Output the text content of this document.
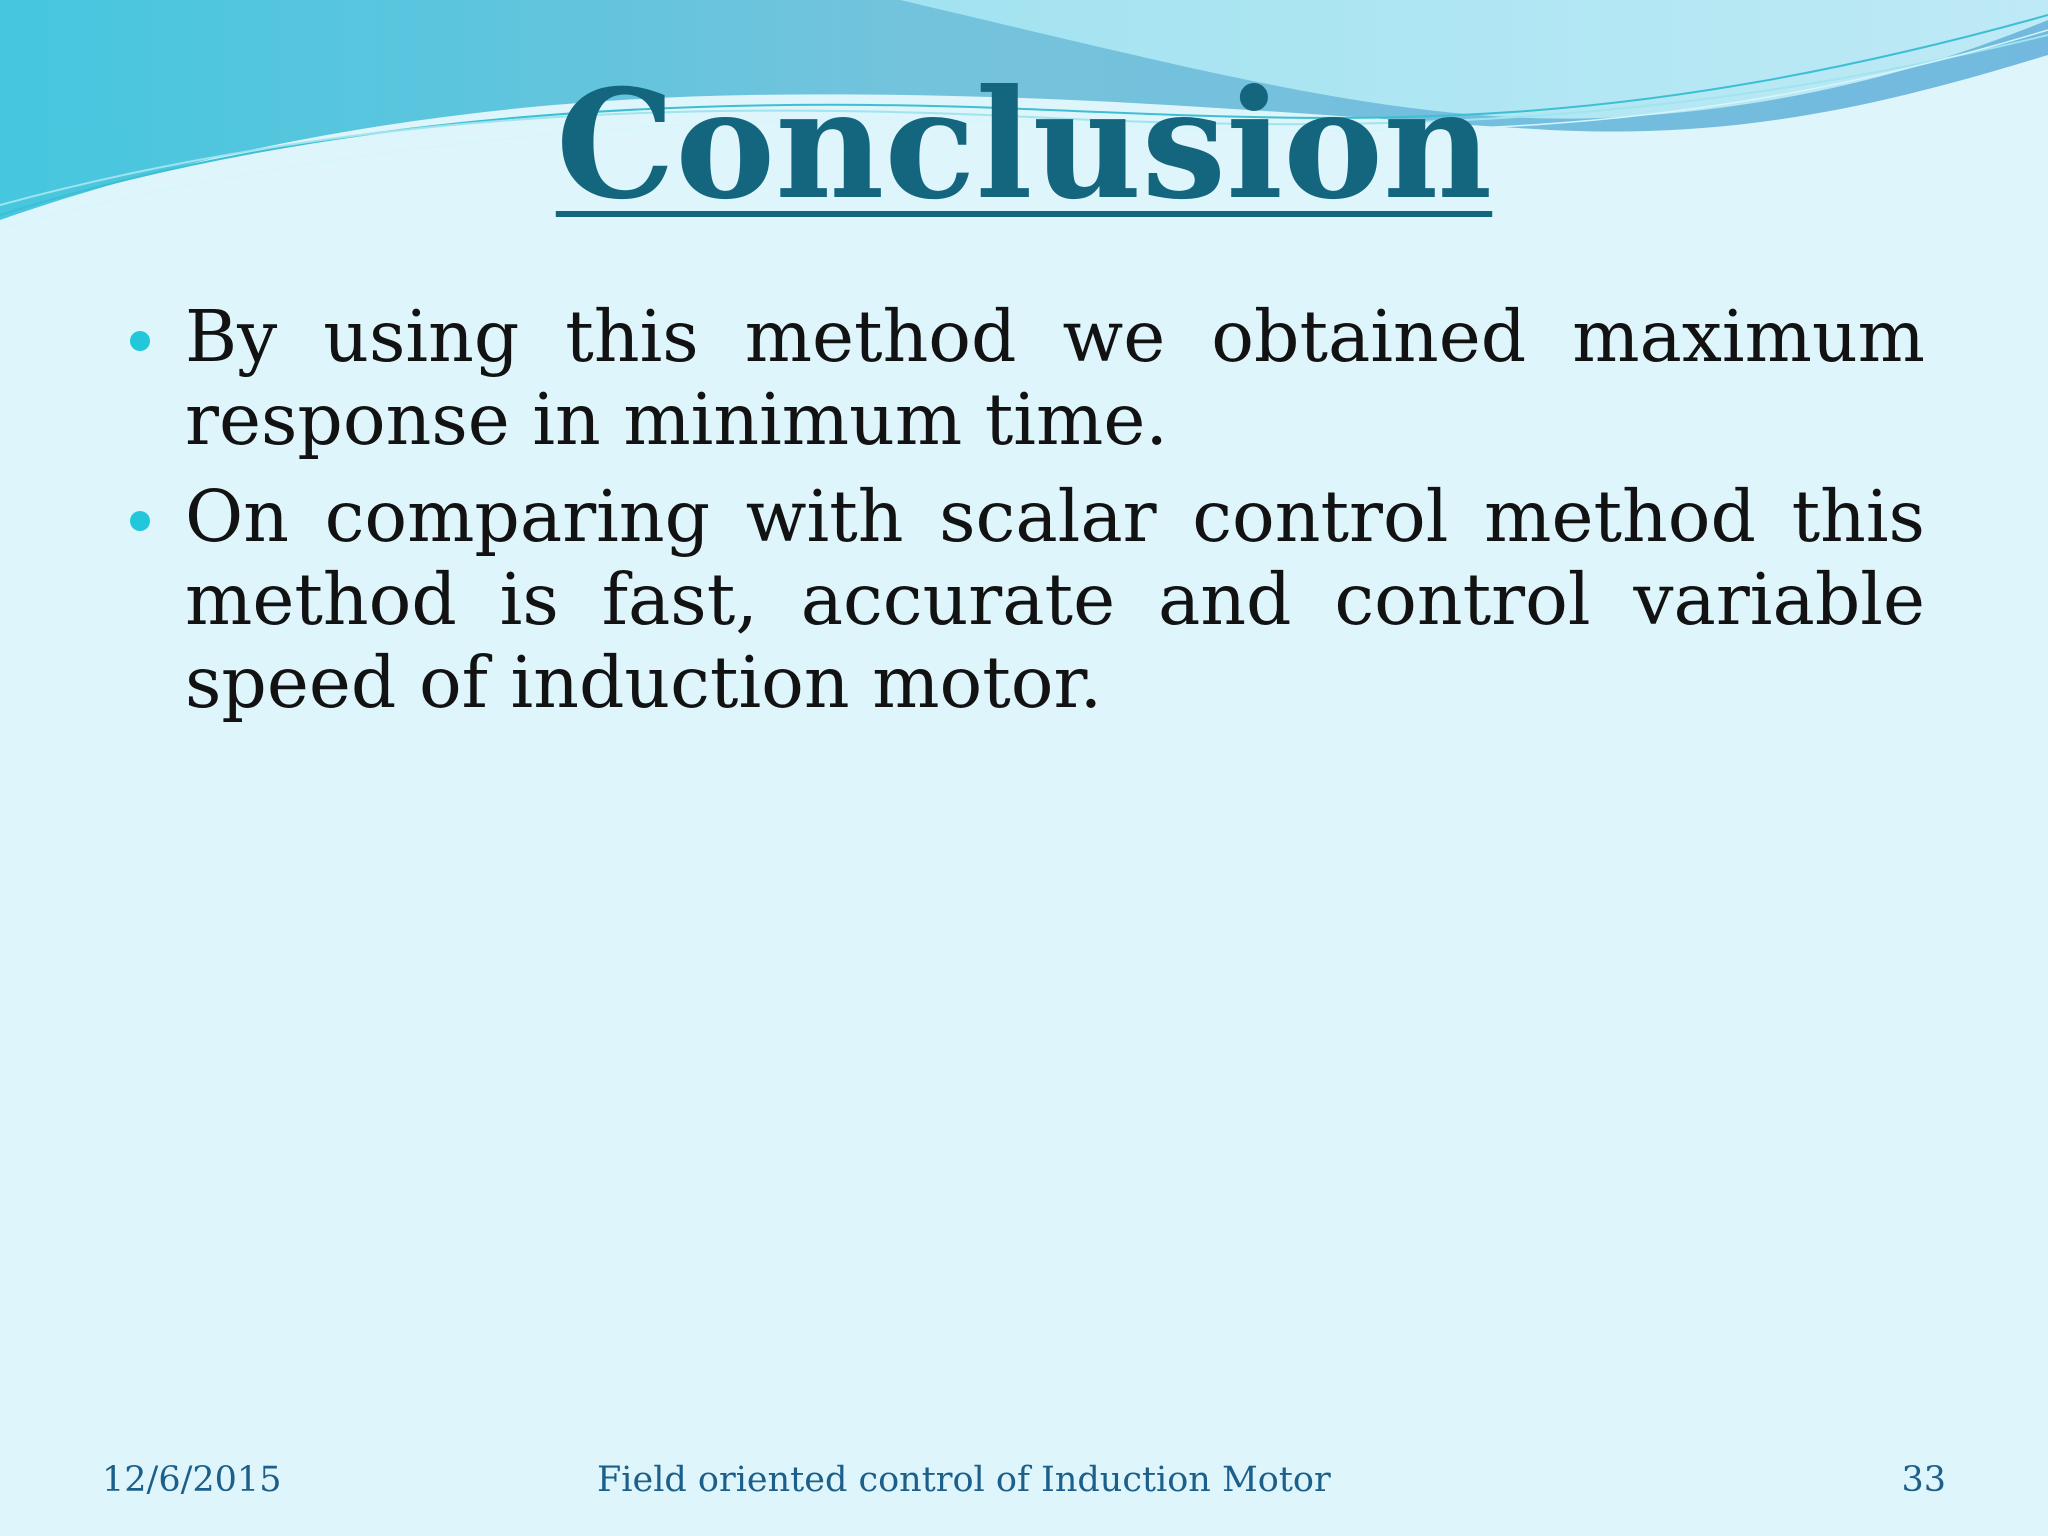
Conclusion
By using this method we obtained maximum response in minimum time.
On comparing with scalar control method this method is fast, accurate and control variable speed of induction motor.
12/6/2015	Field oriented control of Induction Motor	33
